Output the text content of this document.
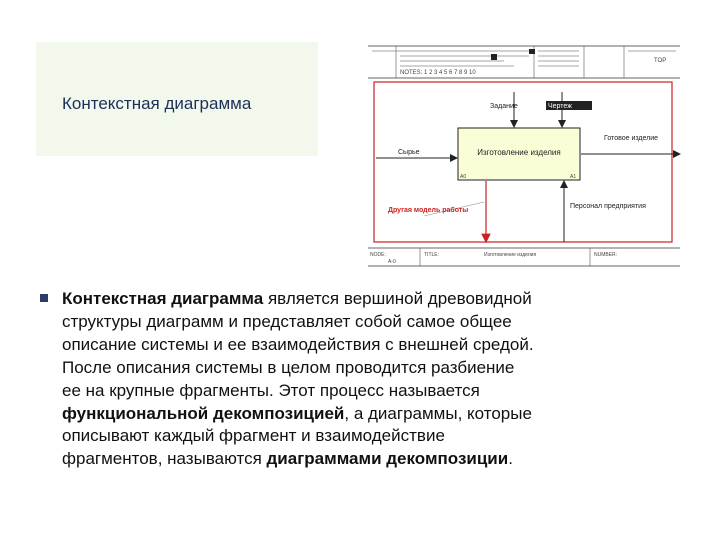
Контекстная диаграмма
NOTES: 1 2 3 4 5 6 7 8 9 10
TOP
Изготовление изделия
A0	A1
Задание	Чертеж
Сырье
Готовое изделие
Персонал предприятия
Другая модель работы
NODE:
A-0
TITLE:	Изготовление изделия	NUMBER:
Контекстная диаграмма является вершиной древовидной
структуры диаграмм и представляет собой самое общее
описание системы и ее взаимодействия с внешней средой.
После описания системы в целом проводится разбиение
ее на крупные фрагменты. Этот процесс называется
функциональной декомпозицией, а диаграммы, которые
описывают каждый фрагмент и взаимодействие
фрагментов, называются диаграммами декомпозиции.
